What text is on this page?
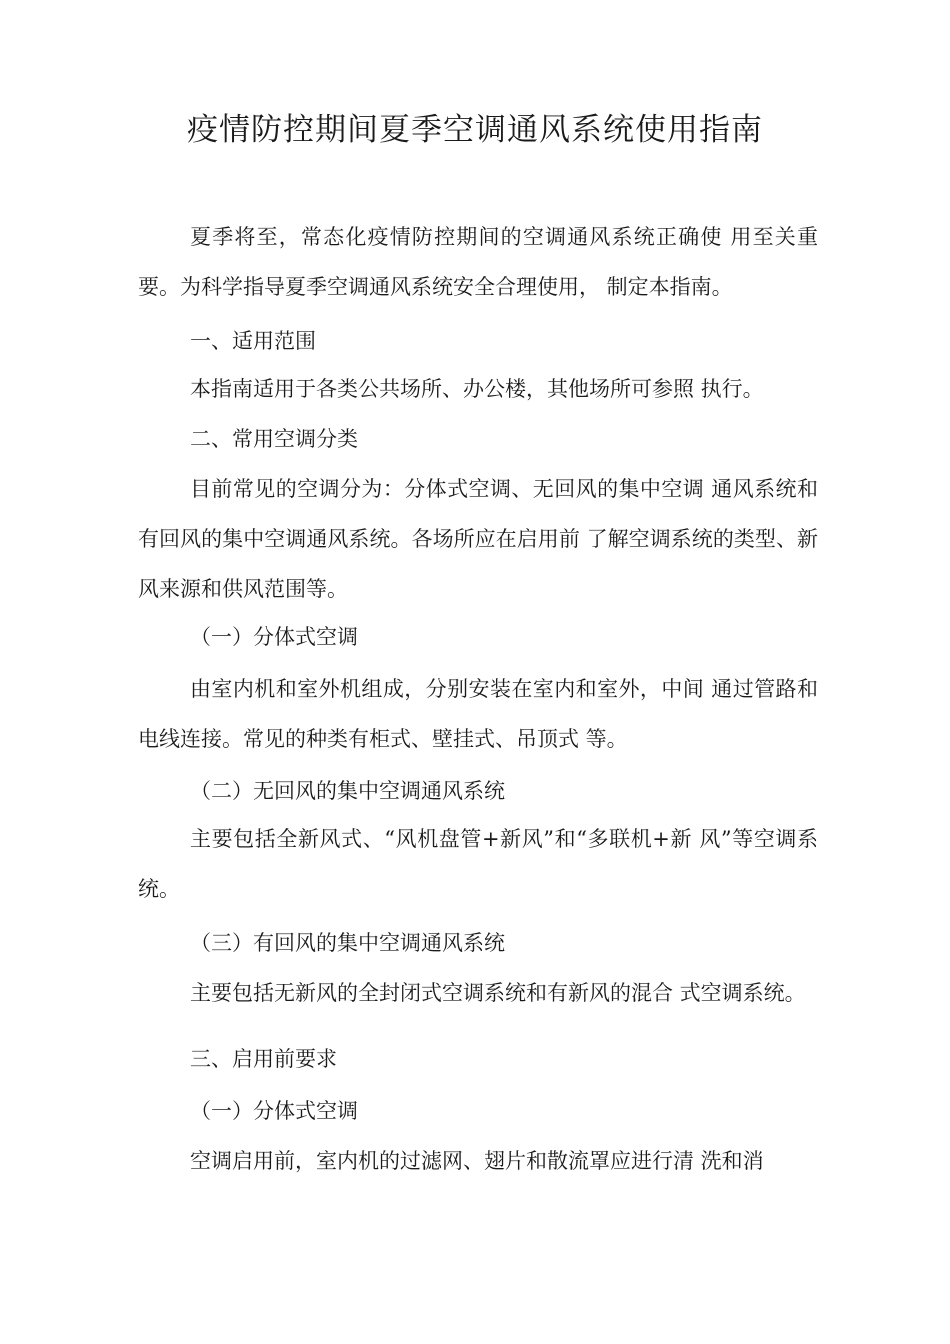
疫情防控期间夏季空调通风系统使用指南

夏季将至，常态化疫情防控期间的空调通风系统正确使 用至关重要。为科学指导夏季空调通风系统安全合理使用， 制定本指南。

一、适用范围

本指南适用于各类公共场所、办公楼，其他场所可参照 执行。

二、常用空调分类

目前常见的空调分为：分体式空调、无回风的集中空调 通风系统和有回风的集中空调通风系统。各场所应在启用前 了解空调系统的类型、新风来源和供风范围等。

（一）分体式空调

由室内机和室外机组成，分别安装在室内和室外，中间 通过管路和电线连接。常见的种类有柜式、壁挂式、吊顶式 等。

（二）无回风的集中空调通风系统

主要包括全新风式、“风机盘管+新风”和“多联机+新 风”等空调系统。

（三）有回风的集中空调通风系统

主要包括无新风的全封闭式空调系统和有新风的混合 式空调系统。

三、启用前要求

（一）分体式空调

空调启用前，室内机的过滤网、翅片和散流罩应进行清 洗和消
